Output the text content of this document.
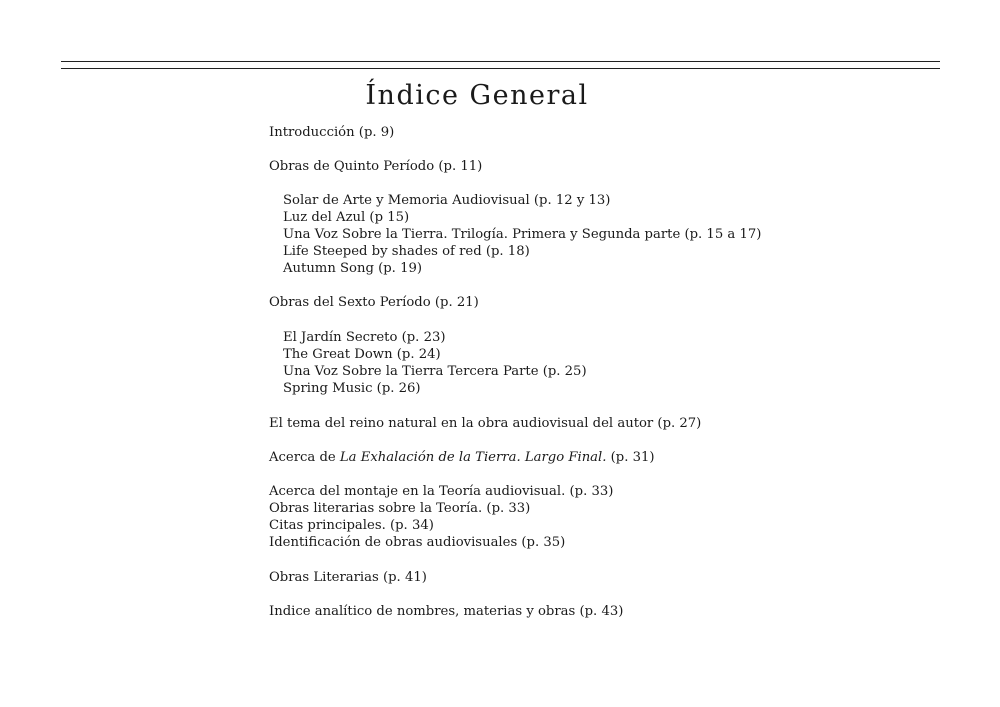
Índice General
Introducción (p. 9)
Obras de Quinto Período (p. 11)
Solar de Arte y Memoria Audiovisual (p. 12 y 13)
Luz del Azul (p 15)
Una Voz Sobre la Tierra. Trilogía. Primera y Segunda parte (p. 15 a 17)
Life Steeped by shades of red (p. 18)
Autumn Song (p. 19)
Obras del Sexto Período (p. 21)
El Jardín Secreto (p. 23)
The Great Down (p. 24)
Una Voz Sobre la Tierra Tercera Parte (p. 25)
Spring Music (p. 26)
El tema del reino natural en la obra audiovisual del autor (p. 27)
Acerca de La Exhalación de la Tierra. Largo Final. (p. 31)
Acerca del montaje en la Teoría audiovisual. (p. 33)
Obras literarias sobre la Teoría. (p. 33)
Citas principales. (p. 34)
Identificación de obras audiovisuales (p. 35)
Obras Literarias (p. 41)
Indice analítico de nombres, materias y obras (p. 43)
